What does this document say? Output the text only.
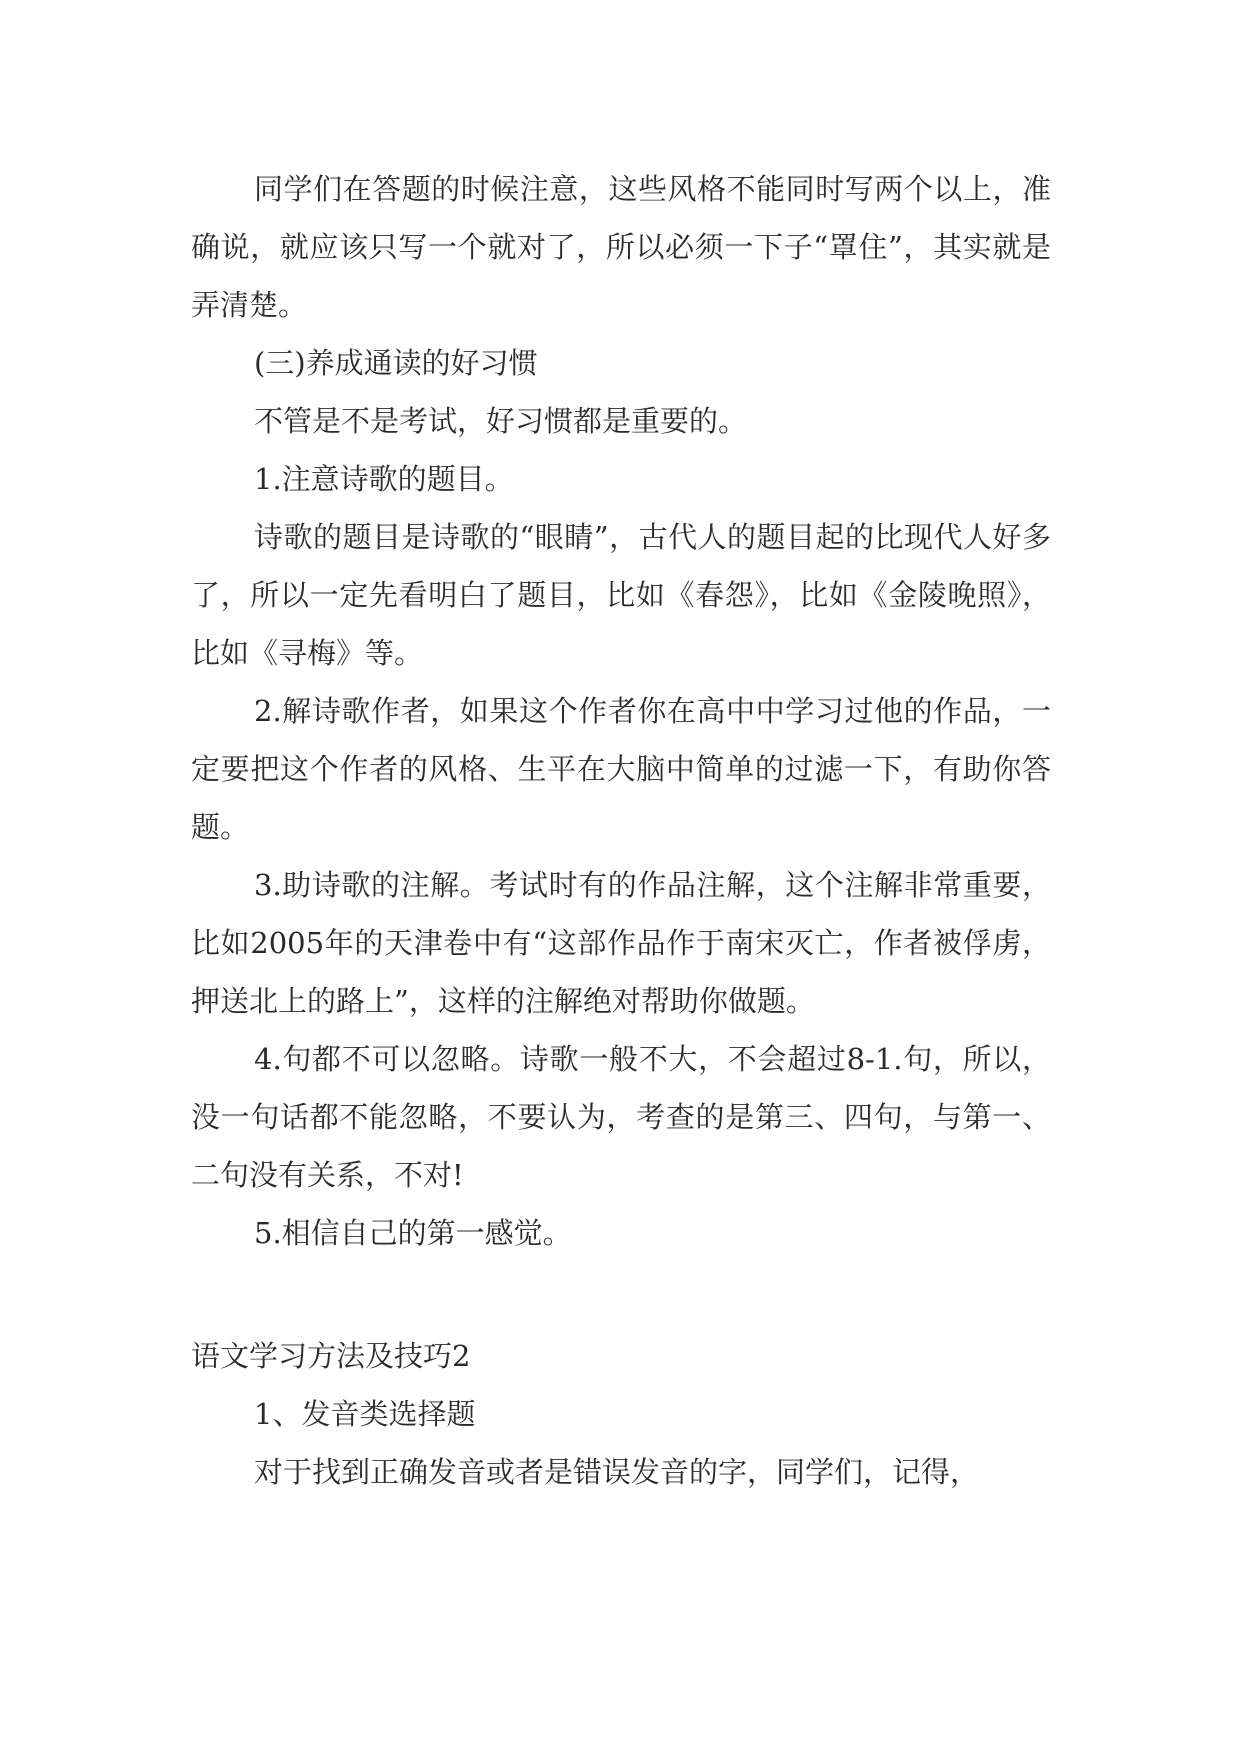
同学们在答题的时候注意，这些风格不能同时写两个以上，准确说，就应该只写一个就对了，所以必须一下子“罩住”，其实就是弄清楚。

(三)养成通读的好习惯

不管是不是考试，好习惯都是重要的。

1.注意诗歌的题目。

诗歌的题目是诗歌的“眼睛”，古代人的题目起的比现代人好多了，所以一定先看明白了题目，比如《春怨》，比如《金陵晚照》，比如《寻梅》等。

2.解诗歌作者，如果这个作者你在高中中学习过他的作品，一定要把这个作者的风格、生平在大脑中简单的过滤一下，有助你答题。

3.助诗歌的注解。考试时有的作品注解，这个注解非常重要，比如2005年的天津卷中有“这部作品作于南宋灭亡，作者被俘虏，押送北上的路上”，这样的注解绝对帮助你做题。

4.句都不可以忽略。诗歌一般不大，不会超过8-1.句，所以，没一句话都不能忽略，不要认为，考查的是第三、四句，与第一、二句没有关系，不对!

5.相信自己的第一感觉。

语文学习方法及技巧2

1、发音类选择题

对于找到正确发音或者是错误发音的字，同学们，记得，
